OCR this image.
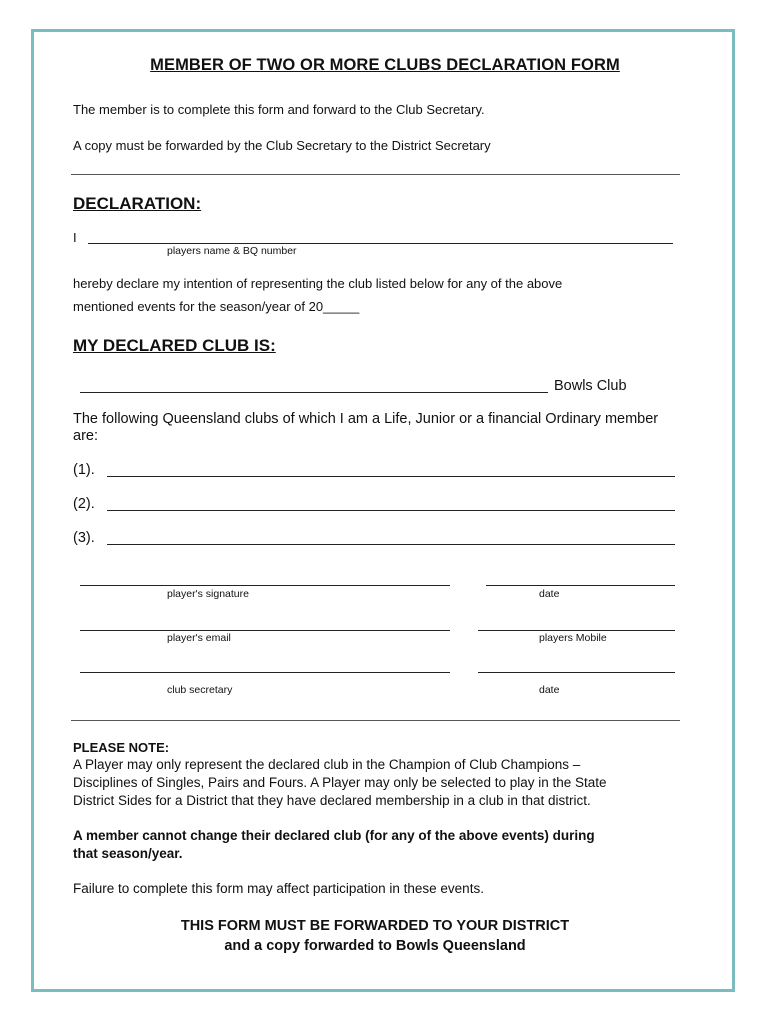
MEMBER OF TWO OR MORE CLUBS DECLARATION FORM
The member is to complete this form and forward to the Club Secretary.
A copy must be forwarded by the Club Secretary to the District Secretary
DECLARATION:
I
players name & BQ number
hereby declare my intention of representing the club listed below for any of the above
mentioned events for the season/year of 20_____
MY DECLARED CLUB IS:
Bowls Club
The following Queensland clubs of which I am a Life, Junior or a financial Ordinary member are:
(1).
(2).
(3).
player's signature	date
player's email	players Mobile
club secretary	date
PLEASE NOTE:
A Player may only represent the declared club in the Champion of Club Champions –
Disciplines of Singles, Pairs and Fours. A Player may only be selected to play in the State
District Sides for a District that they have declared membership in a club in that district.
A member cannot change their declared club (for any of the above events) during
that season/year.
Failure to complete this form may affect participation in these events.
THIS FORM MUST BE FORWARDED TO YOUR DISTRICT
and a copy forwarded to Bowls Queensland
